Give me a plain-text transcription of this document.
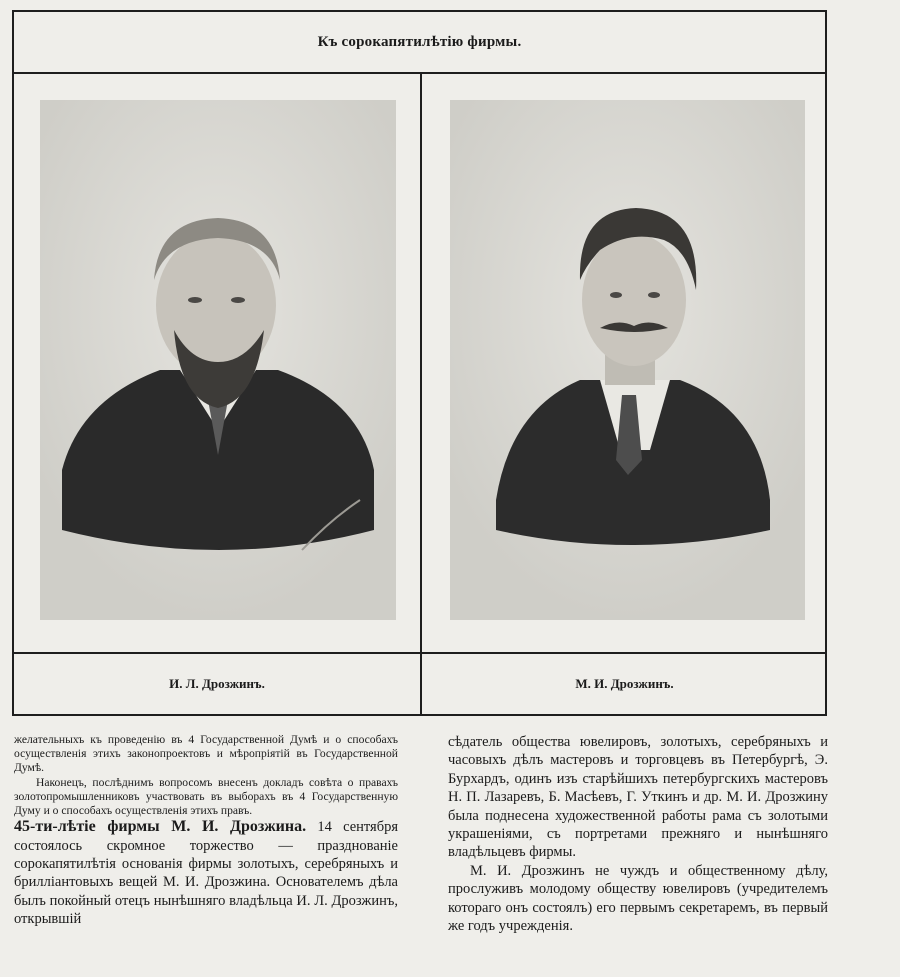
Къ сорокапятилѣтію фирмы.
И. Л. Дрозжинъ.	М. И. Дрозжинъ.

желательныхъ къ проведенію въ 4 Государственной Думѣ и о способахъ осуществленія этихъ законопроектовъ и мѣропріятій въ Государственной Думѣ.

Наконецъ, послѣднимъ вопросомъ внесенъ докладъ совѣта о правахъ золотопромышленниковъ участвовать въ выборахъ въ 4 Государственную Думу и о способахъ осуществленія этихъ правъ.

45-ти-лѣтіе фирмы М. И. Дрозжина. 14 сентября состоялось скромное торжество — празднованіе сорокапятилѣтія основанія фирмы золотыхъ, серебряныхъ и бриллiантовыхъ вещей М. И. Дрозжина. Основателемъ дѣла былъ покойный отецъ нынѣшняго владѣльца И. Л. Дрозжинъ, открывшій

сѣдатель общества ювелировъ, золотыхъ, серебряныхъ и часовыхъ дѣлъ мастеровъ и торговцевъ въ Петербургѣ, Э. Бурхардъ, одинъ изъ старѣйшихъ петербургскихъ мастеровъ Н. П. Лазаревъ, Б. Масѣевъ, Г. Уткинъ и др. М. И. Дрозжину была поднесена художественной работы рама съ золотыми украшеніями, съ портретами прежняго и нынѣшняго владѣльцевъ фирмы.

М. И. Дрозжинъ не чуждъ и общественному дѣлу, прослуживъ молодому обществу ювелировъ (учредителемъ котораго онъ состоялъ) его первымъ секретаремъ, въ первый же годъ учрежденія.
